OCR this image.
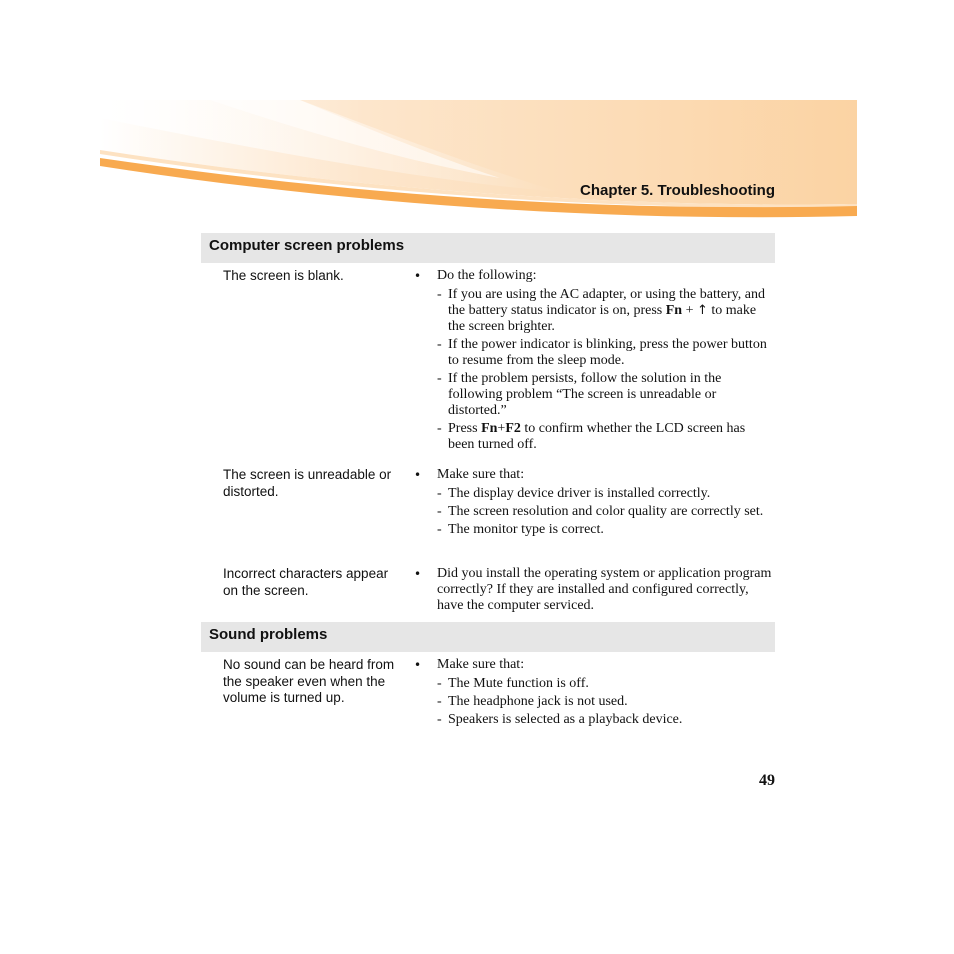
Chapter 5. Troubleshooting
Computer screen problems
The screen is blank.	• Do the following:
- If you are using the AC adapter, or using the battery, and the battery status indicator is on, press Fn + ↑ to make the screen brighter.
- If the power indicator is blinking, press the power button to resume from the sleep mode.
- If the problem persists, follow the solution in the following problem “The screen is unreadable or distorted.”
- Press Fn+F2 to confirm whether the LCD screen has been turned off.
The screen is unreadable or distorted.
• Make sure that:
- The display device driver is installed correctly.
- The screen resolution and color quality are correctly set.
- The monitor type is correct.
Incorrect characters appear on the screen.
• Did you install the operating system or application program correctly? If they are installed and configured correctly, have the computer serviced.
Sound problems
No sound can be heard from the speaker even when the volume is turned up.
• Make sure that:
- The Mute function is off.
- The headphone jack is not used.
- Speakers is selected as a playback device.
49
